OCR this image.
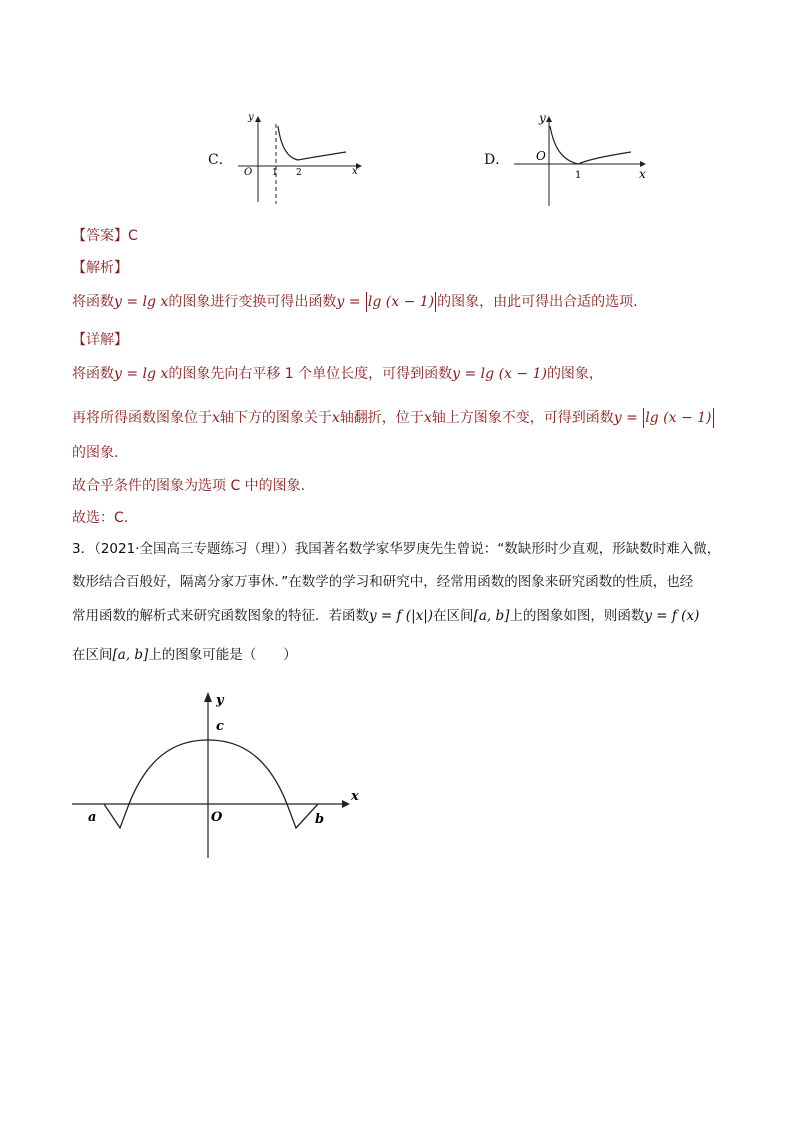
C．
O 1 2	x
y
D． O
1	x
y
【答案】C
【解析】
将函数y = lg x的图象进行变换可得出函数y = lg (x − 1) 的图象，由此可得出合适的选项.
【详解】
将函数y = lg x的图象先向右平移 1 个单位长度，可得到函数y = lg (x − 1)的图象，
再将所得函数图象位于x轴下方的图象关于x轴翻折，位于x轴上方图象不变，可得到函数y = lg (x − 1)
的图象.
故合乎条件的图象为选项 C 中的图象.
故选：C.
3．（2021·全国高三专题练习（理））我国著名数学家华罗庚先生曾说：“数缺形时少直观，形缺数时难入微，
数形结合百般好，隔离分家万事休．”在数学的学习和研究中，经常用函数的图象来研究函数的性质，也经
常用函数的解析式来研究函数图象的特征．若函数y = f (|x|)在区间[a, b]上的图象如图，则函数y = f (x)
在区间[a, b]上的图象可能是（　　）
y
x
c
O
a	b
